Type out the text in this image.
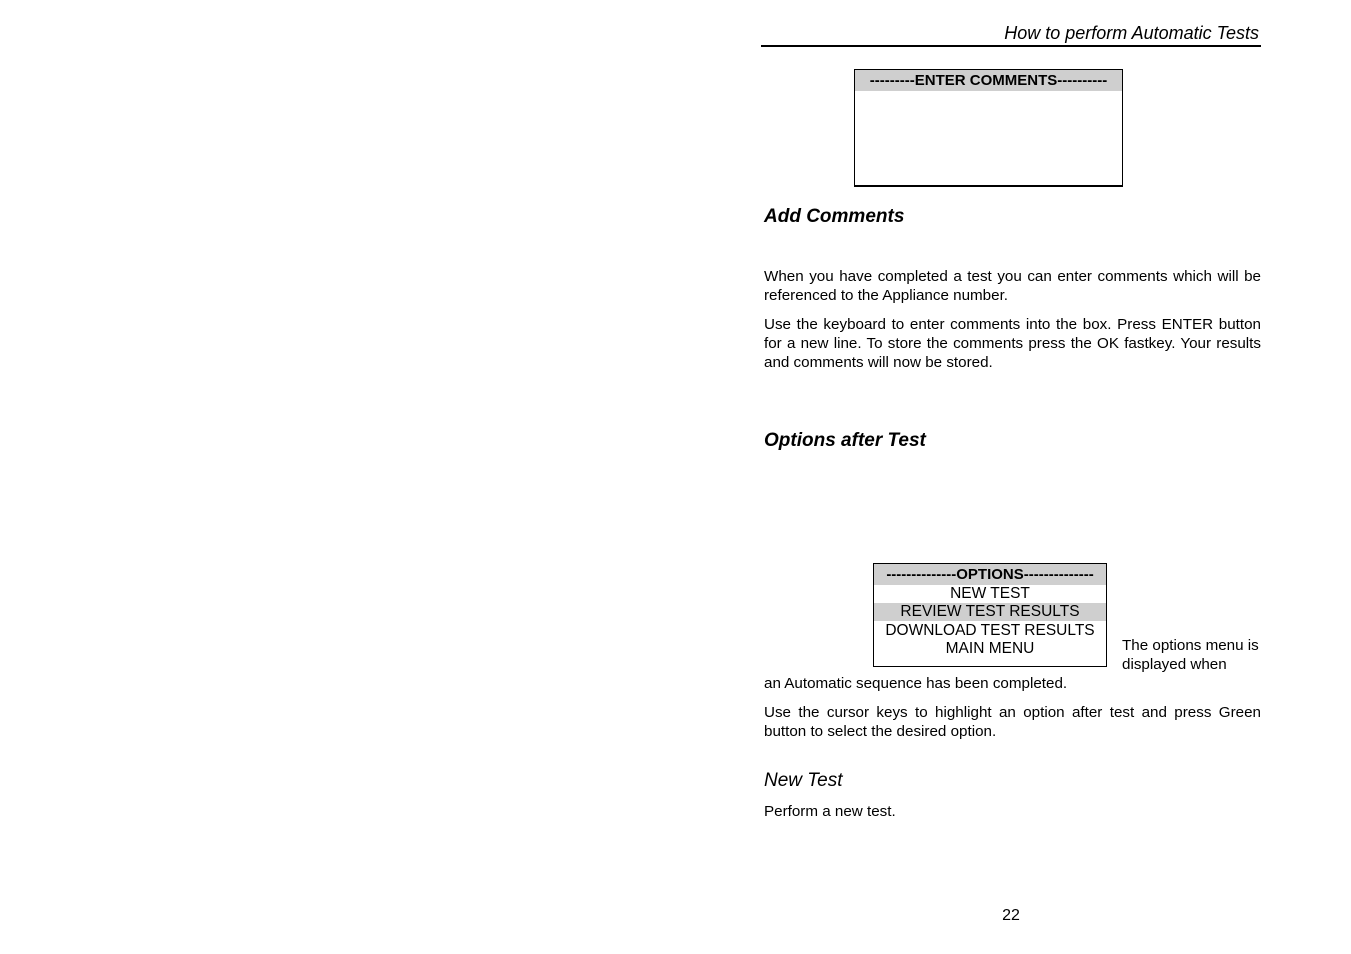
How to perform Automatic Tests
---------ENTER COMMENTS----------
Add Comments
When you have completed a test you can enter comments which will be referenced to the Appliance number.
Use the keyboard to enter comments into the box. Press ENTER button for a new line. To store the comments press the OK fastkey. Your results and comments will now be stored.
Options after Test
--------------OPTIONS--------------
NEW TEST
REVIEW TEST RESULTS
DOWNLOAD TEST RESULTS
MAIN MENU	The options menu is displayed when
an Automatic sequence has been completed.
Use the cursor keys to highlight an option after test and press Green button to select the desired option.
New Test
Perform a new test.
22
